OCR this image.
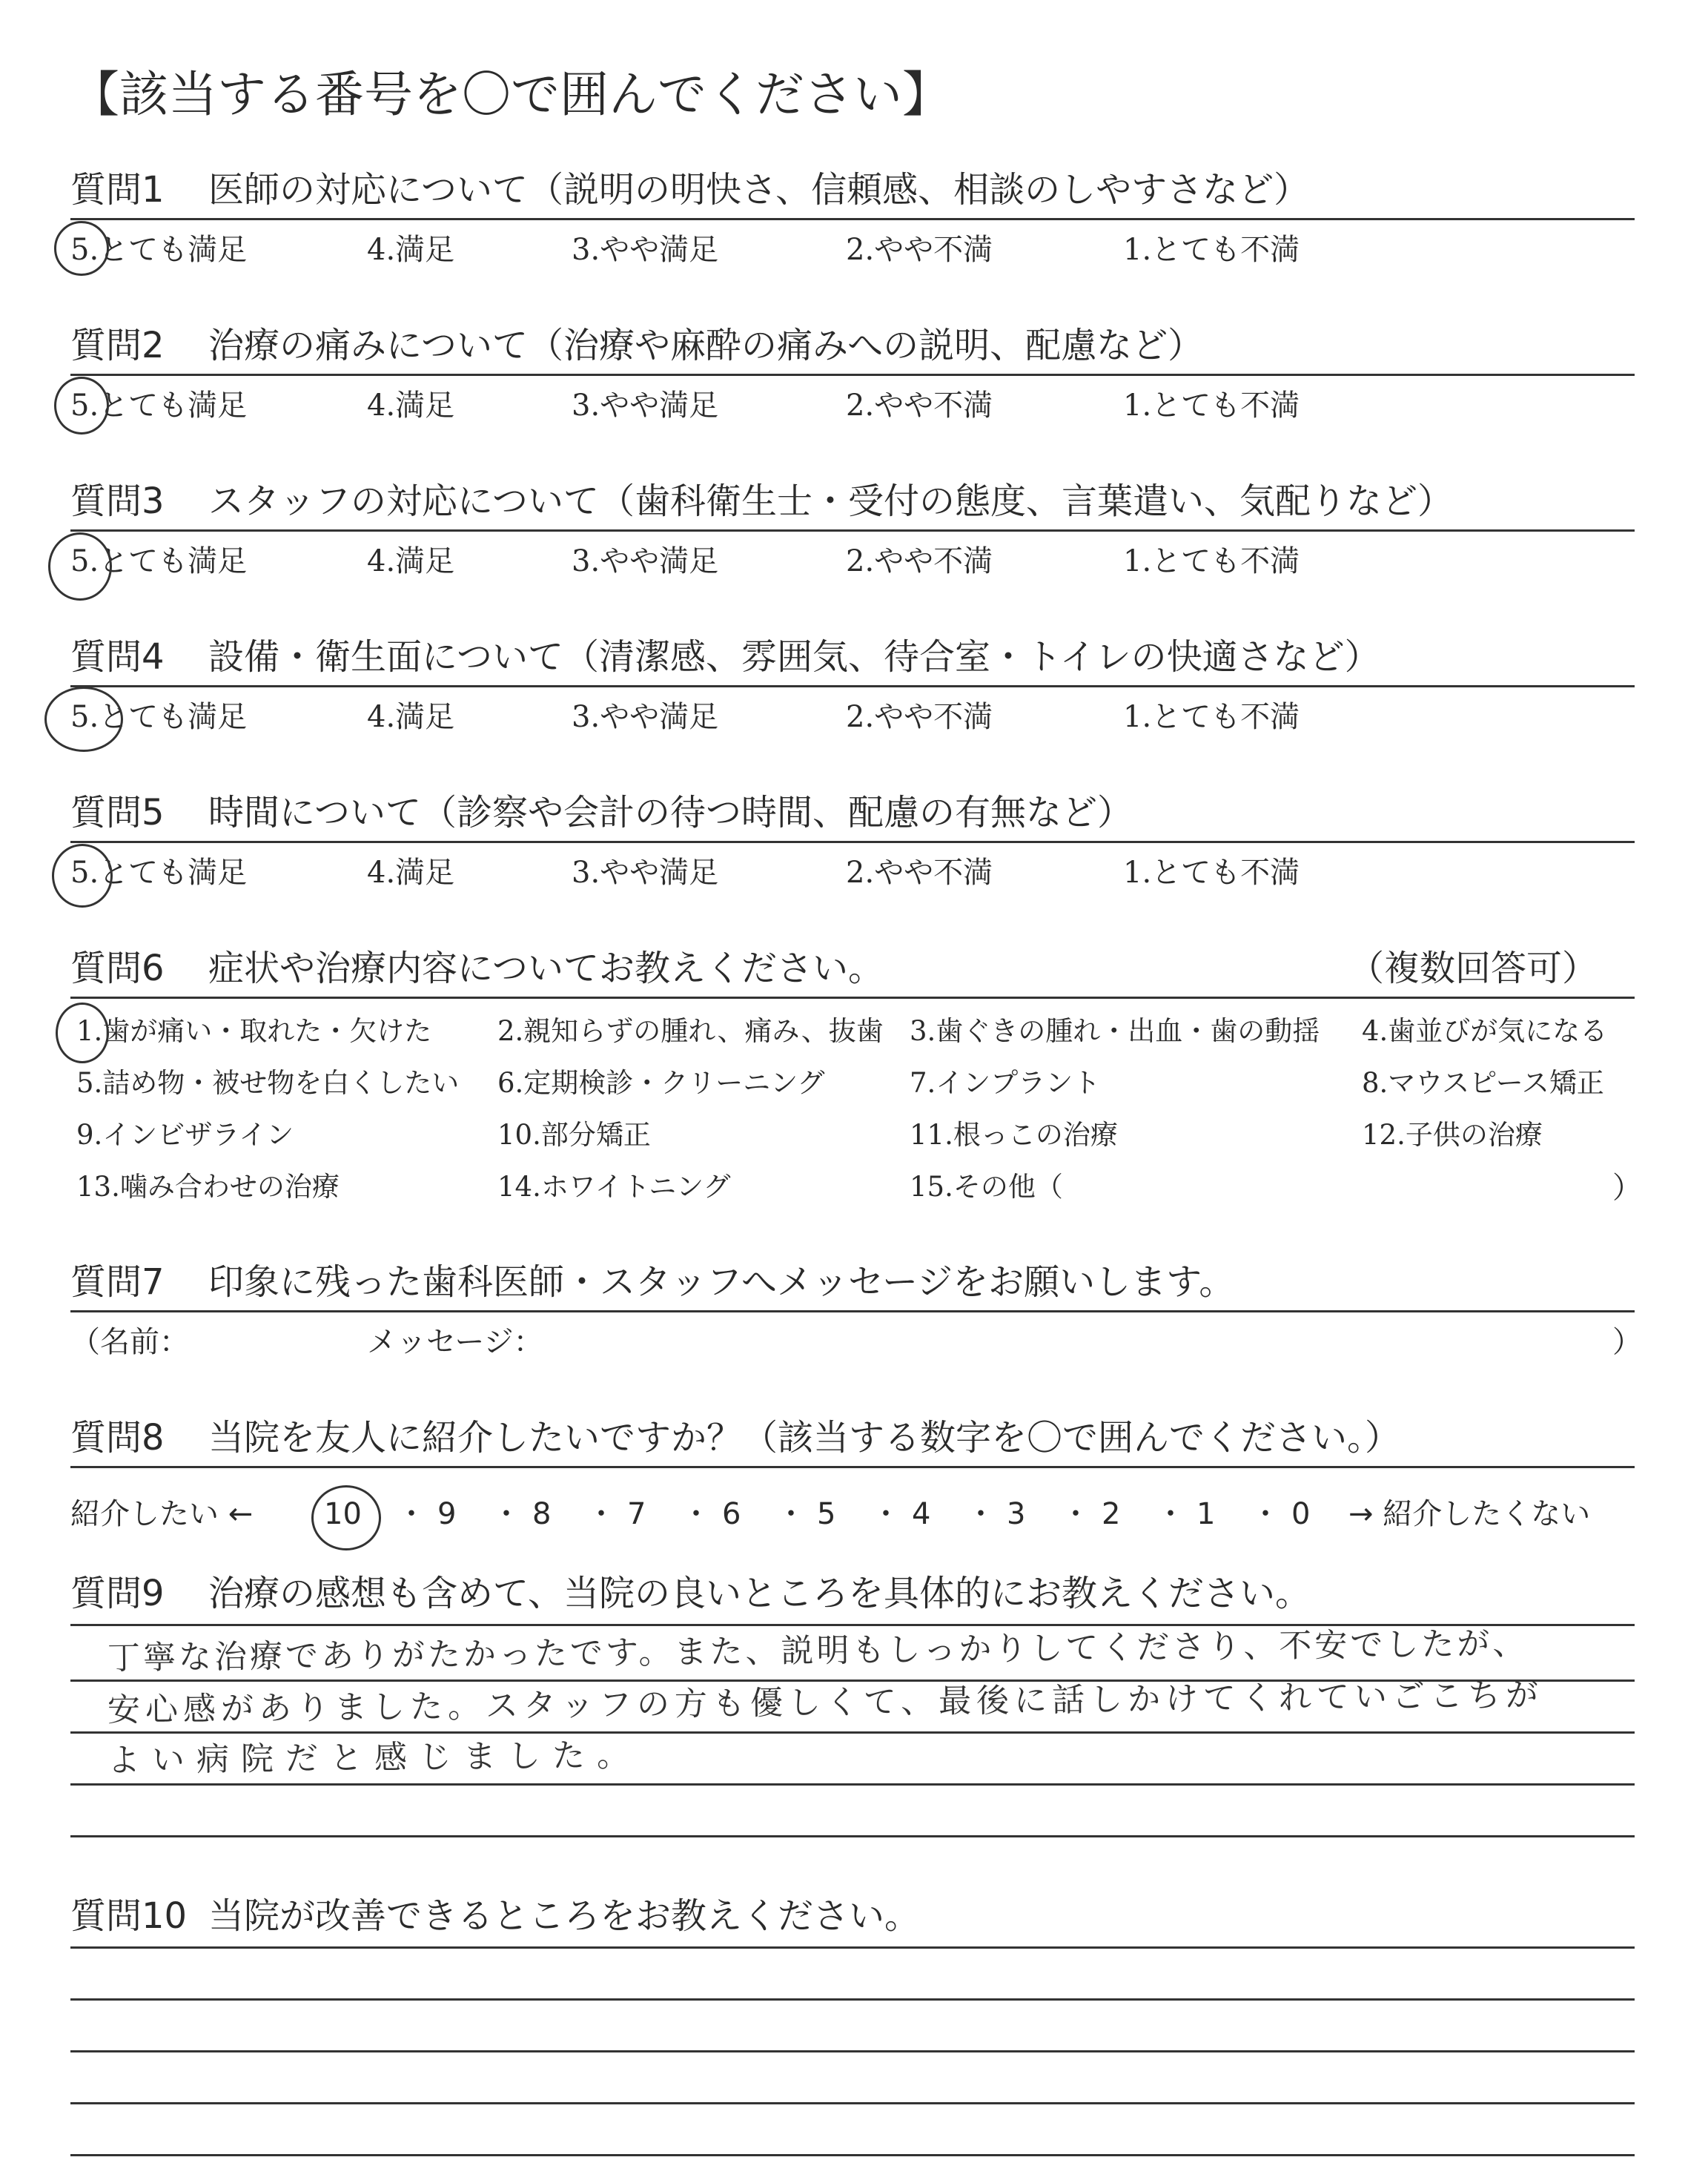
【該当する番号を〇で囲んでください】
質問1 医師の対応について（説明の明快さ、信頼感、相談のしやすさなど）
5.とても満足	4.満足	3.やや満足	2.やや不満	1.とても不満
質問2 治療の痛みについて（治療や麻酔の痛みへの説明、配慮など）
5.とても満足	4.満足	3.やや満足	2.やや不満	1.とても不満
質問3 スタッフの対応について（歯科衛生士・受付の態度、言葉遣い、気配りなど）
5.とても満足	4.満足	3.やや満足	2.やや不満	1.とても不満
質問4 設備・衛生面について（清潔感、雰囲気、待合室・トイレの快適さなど）
5.とても満足	4.満足	3.やや満足	2.やや不満	1.とても不満
質問5 時間について（診察や会計の待つ時間、配慮の有無など）
5.とても満足	4.満足	3.やや満足	2.やや不満	1.とても不満
質問6 症状や治療内容についてお教えください。	（複数回答可）
1.歯が痛い・取れた・欠けた 2.親知らずの腫れ、痛み、抜歯 3.歯ぐきの腫れ・出血・歯の動揺 4.歯並びが気になる
5.詰め物・被せ物を白くしたい 6.定期検診・クリーニング	7.インプラント	8.マウスピース矯正
9.インビザライン	10.部分矯正	11.根っこの治療	12.子供の治療
13.噛み合わせの治療	14.ホワイトニング	15.その他（	）
質問7 印象に残った歯科医師・スタッフへメッセージをお願いします。
（名前：	メッセージ：	）
質問8 当院を友人に紹介したいですか？（該当する数字を〇で囲んでください。）
紹介したい ← 10 ・ 9 ・ 8 ・ 7 ・ 6 ・ 5 ・ 4 ・ 3 ・ 2 ・ 1 ・ 0 → 紹介したくない
質問9 治療の感想も含めて、当院の良いところを具体的にお教えください。
丁寧な治療でありがたかったです。また、説明もしっかりしてくださり、不安でしたが、
安心感がありました。スタッフの方も優しくて、最後に話しかけてくれていごこちが
よい病院だと感じました。
質問10 当院が改善できるところをお教えください。
